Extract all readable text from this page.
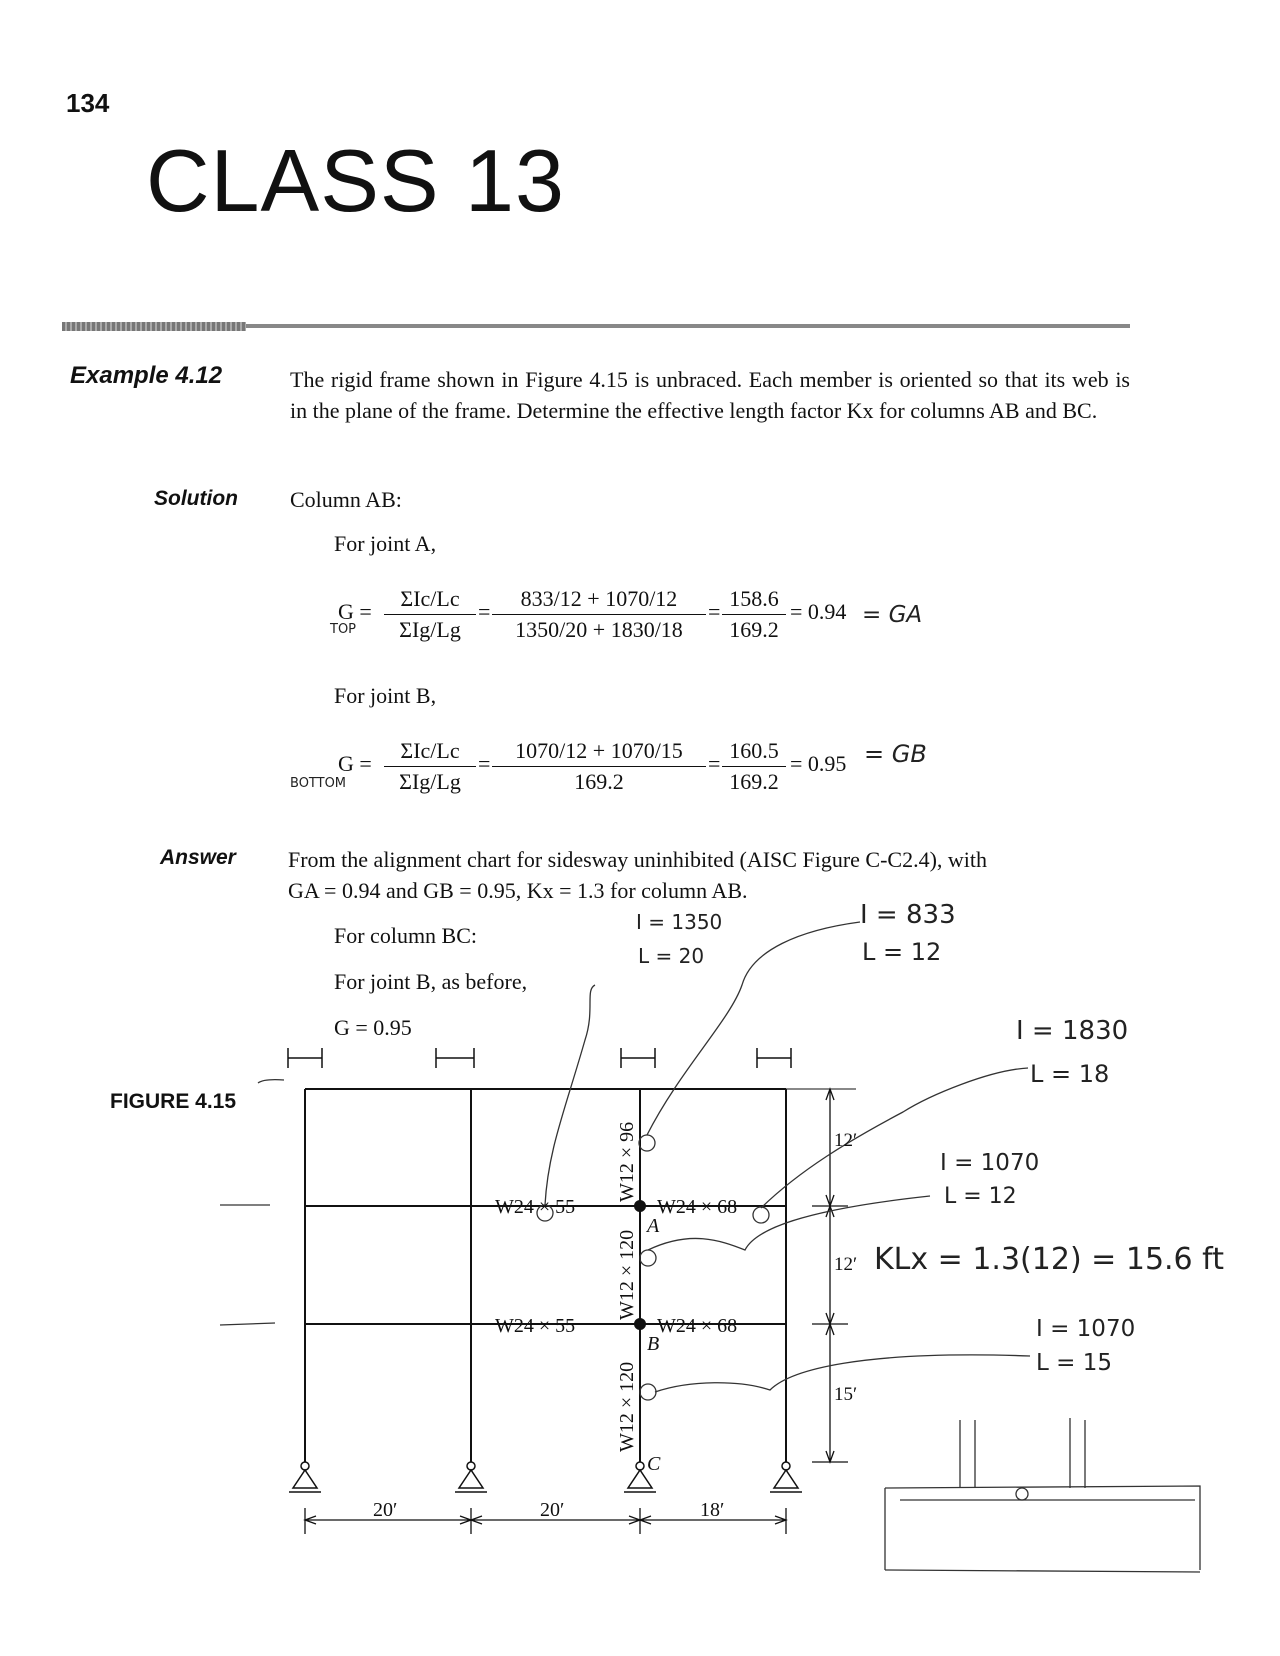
134
CLASS 13
Example 4.12	The rigid frame shown in Figure 4.15 is unbraced. Each member is oriented so that its web is in the plane of the frame. Determine the effective length factor Kx for columns AB and BC.
Solution Column AB:
For joint A,
G =
TOP
ΣIc/Lc
ΣIg/Lg
= $\frac{833/12 + 1070/12}{1350/20 + 1830/18} = \frac{158.6}{169.2} = 0.94$ = GA
For joint B,
G =
BOTTOM
ΣIc/Lc
ΣIg/Lg
= $\frac{1070/12 + 1070/15}{169.2} = \frac{160.5}{169.2} = 0.95$ = GB
Answer From the alignment chart for sidesway uninhibited (AISC Figure C-C2.4), with
GA = 0.94 and GB = 0.95, Kx = 1.3 for column AB.
For column BC:
For joint B, as before,
G = 0.95
FIGURE 4.15
W24 × 55	W24 × 68
W24 × 55	W24 × 68
W12 × 96
W12 × 120
W12 × 120
A
B
C
12′
12′
15′
20′	20′	18′
I = 1350
L = 20
I = 833
L = 12
I = 1830
L = 18
I = 1070
L = 12
KLx = 1.3(12) = 15.6 ft
I = 1070
L = 15
